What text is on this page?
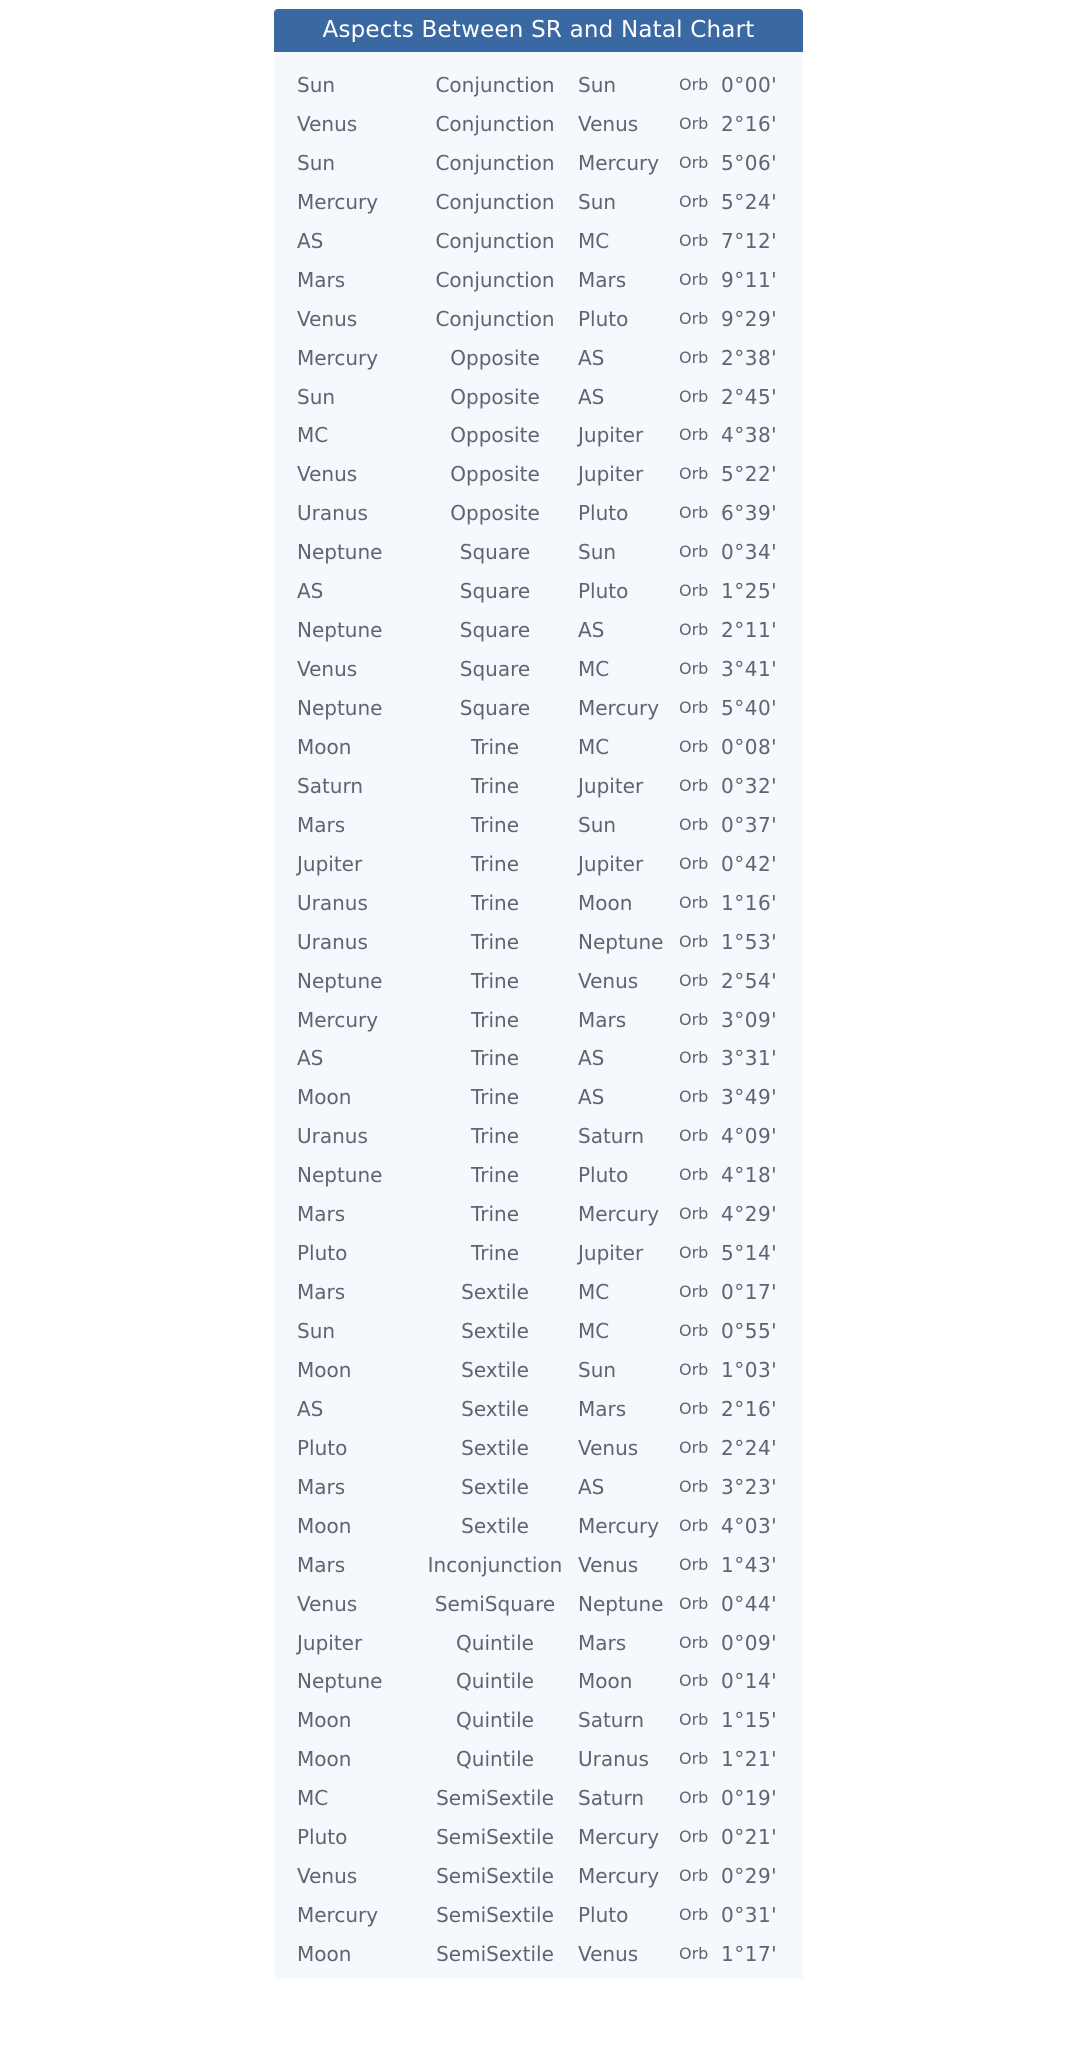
Aspects Between SR and Natal Chart
Sun	Conjunction	Sun	Orb 0°00'
Venus	Conjunction	Venus	Orb 2°16'
Sun	Conjunction	Mercury Orb 5°06'
Mercury	Conjunction	Sun	Orb 5°24'
AS	Conjunction	MC	Orb 7°12'
Mars	Conjunction	Mars	Orb 9°11'
Venus	Conjunction	Pluto	Orb 9°29'
Mercury	Opposite	AS	Orb 2°38'
Sun	Opposite	AS	Orb 2°45'
MC	Opposite	Jupiter Orb 4°38'
Venus	Opposite	Jupiter Orb 5°22'
Uranus	Opposite	Pluto	Orb 6°39'
Neptune	Square	Sun	Orb 0°34'
AS	Square	Pluto	Orb 1°25'
Neptune	Square	AS	Orb 2°11'
Venus	Square	MC	Orb 3°41'
Neptune	Square	Mercury Orb 5°40'
Moon	Trine	MC	Orb 0°08'
Saturn	Trine	Jupiter Orb 0°32'
Mars	Trine	Sun	Orb 0°37'
Jupiter	Trine	Jupiter Orb 0°42'
Uranus	Trine	Moon	Orb 1°16'
Uranus	Trine	Neptune Orb 1°53'
Neptune	Trine	Venus	Orb 2°54'
Mercury	Trine	Mars	Orb 3°09'
AS	Trine	AS	Orb 3°31'
Moon	Trine	AS	Orb 3°49'
Uranus	Trine	Saturn Orb 4°09'
Neptune	Trine	Pluto	Orb 4°18'
Mars	Trine	Mercury Orb 4°29'
Pluto	Trine	Jupiter Orb 5°14'
Mars	Sextile	MC	Orb 0°17'
Sun	Sextile	MC	Orb 0°55'
Moon	Sextile	Sun	Orb 1°03'
AS	Sextile	Mars	Orb 2°16'
Pluto	Sextile	Venus	Orb 2°24'
Mars	Sextile	AS	Orb 3°23'
Moon	Sextile	Mercury Orb 4°03'
Mars	Inconjunction Venus	Orb 1°43'
Venus	SemiSquare	Neptune Orb 0°44'
Jupiter	Quintile	Mars	Orb 0°09'
Neptune	Quintile	Moon	Orb 0°14'
Moon	Quintile	Saturn Orb 1°15'
Moon	Quintile	Uranus Orb 1°21'
MC	SemiSextile	Saturn Orb 0°19'
Pluto	SemiSextile	Mercury Orb 0°21'
Venus	SemiSextile	Mercury Orb 0°29'
Mercury	SemiSextile	Pluto	Orb 0°31'
Moon	SemiSextile	Venus	Orb 1°17'
